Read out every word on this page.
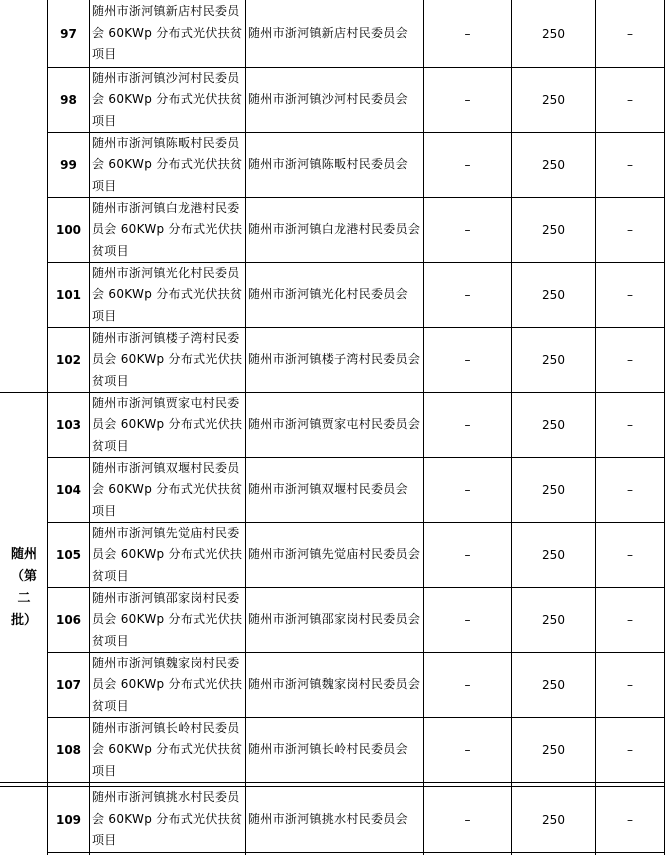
97
随州市浙河镇新店村民委员会 60KWp 分布式光伏扶贫项目
随州市浙河镇新店村民委员会	–	250	–
98
随州市浙河镇沙河村民委员会 60KWp 分布式光伏扶贫项目
随州市浙河镇沙河村民委员会	–	250	–
99
随州市浙河镇陈畈村民委员会 60KWp 分布式光伏扶贫项目
随州市浙河镇陈畈村民委员会	–	250	–
100
随州市浙河镇白龙港村民委员会 60KWp 分布式光伏扶贫项目
随州市浙河镇白龙港村民委员会	–	250	–
101
随州市浙河镇光化村民委员会 60KWp 分布式光伏扶贫项目
随州市浙河镇光化村民委员会	–	250	–
102
随州市浙河镇楼子湾村民委员会 60KWp 分布式光伏扶贫项目
随州市浙河镇楼子湾村民委员会	–	250	–
103
随州市浙河镇贾家屯村民委员会 60KWp 分布式光伏扶贫项目
随州市浙河镇贾家屯村民委员会	–	250	–
104
随州市浙河镇双堰村民委员会 60KWp 分布式光伏扶贫项目
随州市浙河镇双堰村民委员会	–	250	–
105
随州市浙河镇先觉庙村民委员会 60KWp 分布式光伏扶贫项目
随州市浙河镇先觉庙村民委员会	–	250	–
106
随州市浙河镇邵家岗村民委员会 60KWp 分布式光伏扶贫项目
随州市浙河镇邵家岗村民委员会	–	250	–
107
随州市浙河镇魏家岗村民委员会 60KWp 分布式光伏扶贫项目
随州市浙河镇魏家岗村民委员会	–	250	–
108
随州市浙河镇长岭村民委员会 60KWp 分布式光伏扶贫项目
随州市浙河镇长岭村民委员会	–	250	–
109
随州市浙河镇挑水村民委员会 60KWp 分布式光伏扶贫项目
随州市浙河镇挑水村民委员会	–	250	–
随州（第二批）
